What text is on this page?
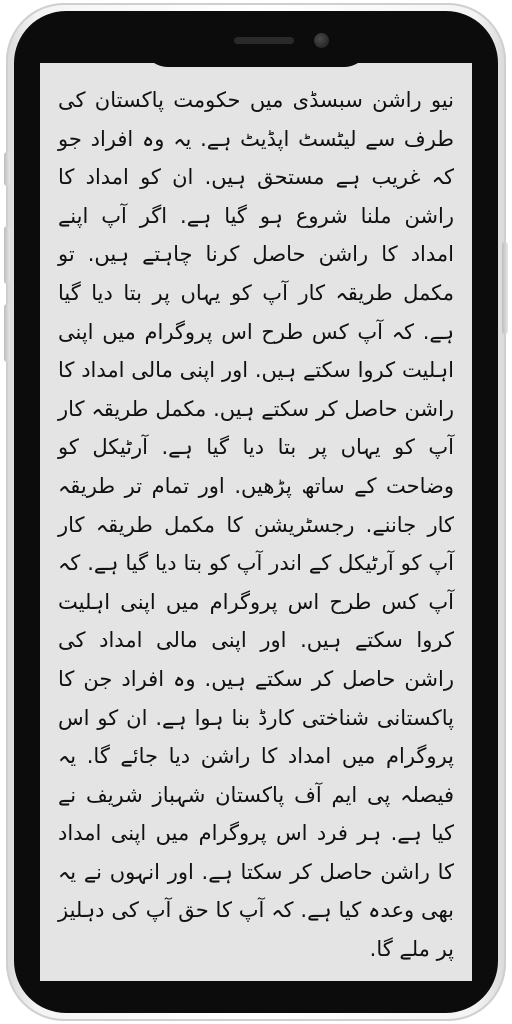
نیو راشن سبسڈی میں حکومت پاکستان کی طرف سے لیٹسٹ اپڈیٹ ہے. یہ وہ افراد جو کہ غریب ہے مستحق ہیں. ان کو امداد کا راشن ملنا شروع ہو گیا ہے. اگر آپ اپنے امداد کا راشن حاصل کرنا چاہتے ہیں. تو مکمل طریقہ کار آپ کو یہاں پر بتا دیا گیا ہے. کہ آپ کس طرح اس پروگرام میں اپنی اہلیت کروا سکتے ہیں. اور اپنی مالی امداد کا راشن حاصل کر سکتے ہیں. مکمل طریقہ کار آپ کو یہاں پر بتا دیا گیا ہے. آرٹیکل کو وضاحت کے ساتھ پڑھیں. اور تمام تر طریقہ کار جاننے. رجسٹریشن کا مکمل طریقہ کار آپ کو آرٹیکل کے اندر آپ کو بتا دیا گیا ہے. کہ آپ کس طرح اس پروگرام میں اپنی اہلیت کروا سکتے ہیں. اور اپنی مالی امداد کی راشن حاصل کر سکتے ہیں. وہ افراد جن کا پاکستانی شناختی کارڈ بنا ہوا ہے. ان کو اس پروگرام میں امداد کا راشن دیا جائے گا. یہ فیصلہ پی ایم آف پاکستان شہباز شریف نے کیا ہے. ہر فرد اس پروگرام میں اپنی امداد کا راشن حاصل کر سکتا ہے. اور انہوں نے یہ بھی وعدہ کیا ہے. کہ آپ کا حق آپ کی دہلیز پر ملے گا.
